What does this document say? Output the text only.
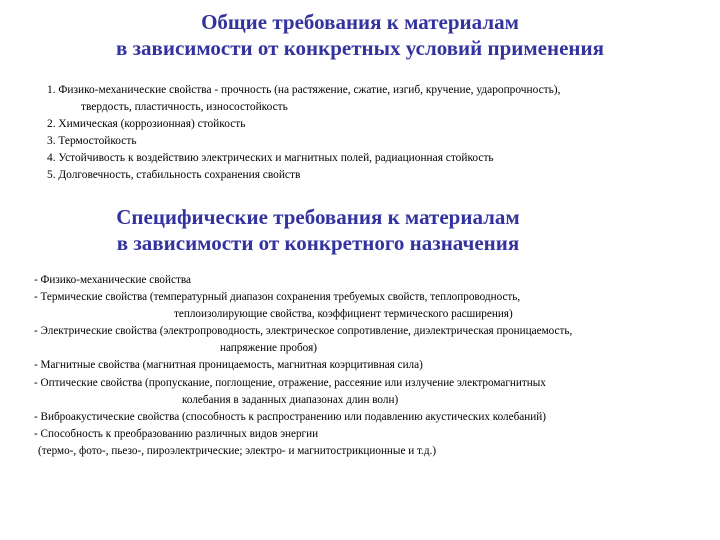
Общие требования к материалам
в зависимости от конкретных условий применения
1. Физико-механические свойства - прочность (на растяжение, сжатие, изгиб, кручение, ударопрочность),
твердость, пластичность, износостойкость
2. Химическая (коррозионная) стойкость
3. Термостойкость
4. Устойчивость к воздействию электрических и магнитных полей, радиационная стойкость
5. Долговечность, стабильность сохранения свойств
Специфические требования к материалам
в зависимости от конкретного назначения
- Физико-механические свойства
- Термические свойства (температурный диапазон сохранения требуемых свойств, теплопроводность,
теплоизолирующие свойства, коэффициент термического расширения)
- Электрические свойства (электропроводность, электрическое сопротивление, диэлектрическая проницаемость,
напряжение пробоя)
- Магнитные свойства (магнитная проницаемость, магнитная коэрцитивная сила)
- Оптические свойства (пропускание, поглощение, отражение, рассеяние или излучение электромагнитных
колебания в заданных диапазонах длин волн)
- Виброакустические свойства (способность к распространению или подавлению акустических колебаний)
- Способность к преобразованию различных видов энергии
(термо-, фото-, пьезо-, пироэлектрические; электро- и магнитострикционные и т.д.)
